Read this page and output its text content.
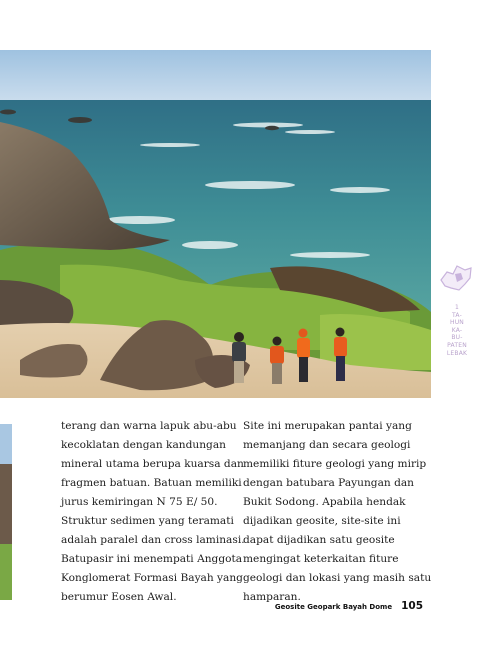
1
TA-
HUN
KA-
BU-
PATEN
LEBAK

terang dan warna lapuk abu-abu kecoklatan dengan kandungan mineral utama berupa kuarsa dan fragmen batuan. Batuan memiliki jurus kemiringan N 75 E/ 50. Struktur sedimen yang teramati adalah paralel dan cross laminasi. Batupasir ini menempati Anggota Konglomerat Formasi Bayah yang berumur Eosen Awal.

Site ini merupakan pantai yang memanjang dan secara geologi memiliki fiture geologi yang mirip dengan batubara Payungan dan Bukit Sodong. Apabila hendak dijadikan geosite, site-site ini dapat dijadikan satu geosite mengingat keterkaitan fiture geologi dan lokasi yang masih satu hamparan.

Geosite Geopark Bayah Dome 105
